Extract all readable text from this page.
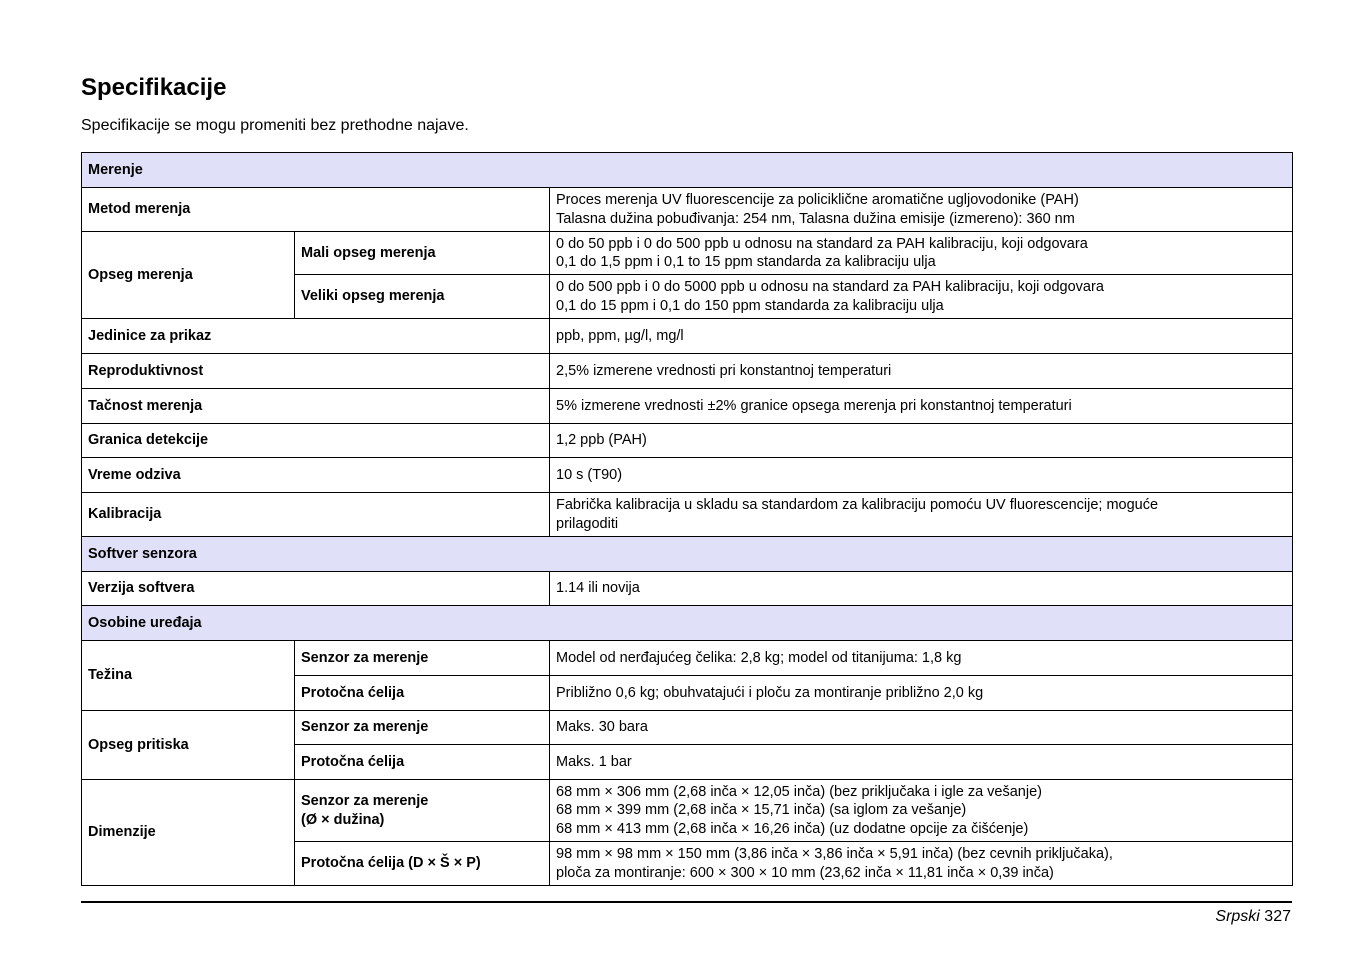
Specifikacije

Specifikacije se mogu promeniti bez prethodne najave.

Merenje		
Metod merenja		Proces merenja UV fluorescencije za policiklične aromatične ugljovodonike (PAH)
Talasna dužina pobuđivanja: 254 nm, Talasna dužina emisije (izmereno): 360 nm

Opseg merenja	Mali opseg merenja	0 do 50 ppb i 0 do 500 ppb u odnosu na standard za PAH kalibraciju, koji odgovara
0,1 do 1,5 ppm i 0,1 to 15 ppm standarda za kalibraciju ulja

	Veliki opseg merenja	0 do 500 ppb i 0 do 5000 ppb u odnosu na standard za PAH kalibraciju, koji odgovara
0,1 do 15 ppm i 0,1 do 150 ppm standarda za kalibraciju ulja

Jedinice za prikaz		ppb, ppm, µg/l, mg/l
Reproduktivnost		2,5% izmerene vrednosti pri konstantnoj temperaturi
Tačnost merenja		5% izmerene vrednosti ±2% granice opsega merenja pri konstantnoj temperaturi
Granica detekcije		1,2 ppb (PAH)
Vreme odziva		10 s (T90)
Kalibracija		Fabrička kalibracija u skladu sa standardom za kalibraciju pomoću UV fluorescencije; moguće
prilagoditi

Softver senzora		
Verzija softvera		1.14 ili novija
Osobine uređaja		
Težina	Senzor za merenje	Model od nerđajućeg čelika: 2,8 kg; model od titanijuma: 1,8 kg
	Protočna ćelija	Približno 0,6 kg; obuhvatajući i ploču za montiranje približno 2,0 kg
Opseg pritiska	Senzor za merenje	Maks. 30 bara
	Protočna ćelija	Maks. 1 bar
Dimenzije	Senzor za merenje
(Ø × dužina)	68 mm × 306 mm (2,68 inča × 12,05 inča) (bez priključaka i igle za vešanje)
68 mm × 399 mm (2,68 inča × 15,71 inča) (sa iglom za vešanje)
68 mm × 413 mm (2,68 inča × 16,26 inča) (uz dodatne opcije za čišćenje)

	Protočna ćelija (D × Š × P)	98 mm × 98 mm × 150 mm (3,86 inča × 3,86 inča × 5,91 inča) (bez cevnih priključaka),
ploča za montiranje: 600 × 300 × 10 mm (23,62 inča × 11,81 inča × 0,39 inča)
Srpski 327
